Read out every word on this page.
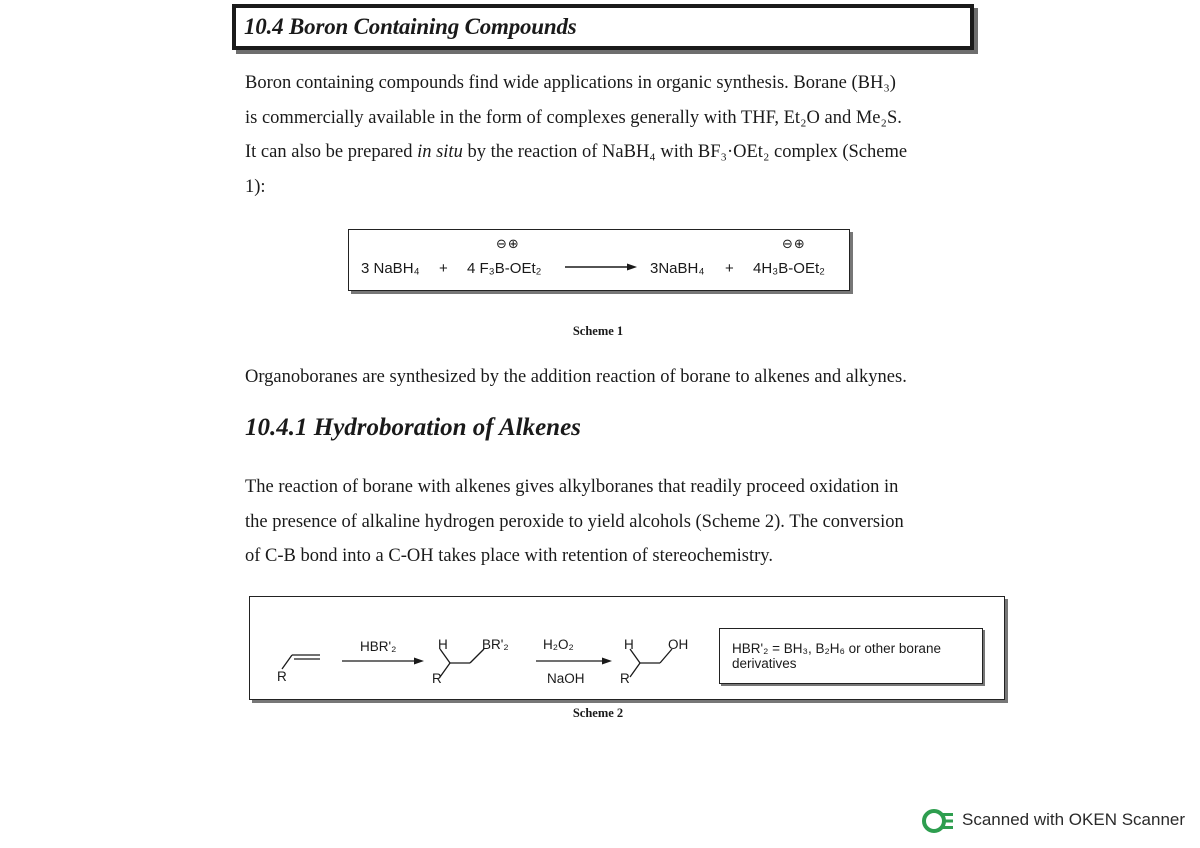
10.4 Boron Containing Compounds
Boron containing compounds find wide applications in organic synthesis. Borane (BH₃)
is commercially available in the form of complexes generally with THF, Et₂O and Me₂S.
It can also be prepared in situ by the reaction of NaBH₄ with BF₃·OEt₂ complex (Scheme
1):
⊖⊕
3 NaBH₄ + 4 F₃B-OEt₂
⊖⊕
3NaBH₄ + 4H₃B-OEt₂
Scheme 1
Organoboranes are synthesized by the addition reaction of borane to alkenes and alkynes.
10.4.1 Hydroboration of Alkenes
The reaction of borane with alkenes gives alkylboranes that readily proceed oxidation in
the presence of alkaline hydrogen peroxide to yield alcohols (Scheme 2). The conversion
of C-B bond into a C-OH takes place with retention of stereochemistry.
R
HBR'₂	H	BR'₂
R
H₂O₂
NaOH
H	OH
R
HBR'₂ = BH₃, B₂H₆ or other borane
derivatives
Scheme 2
Scanned with OKEN Scanner
